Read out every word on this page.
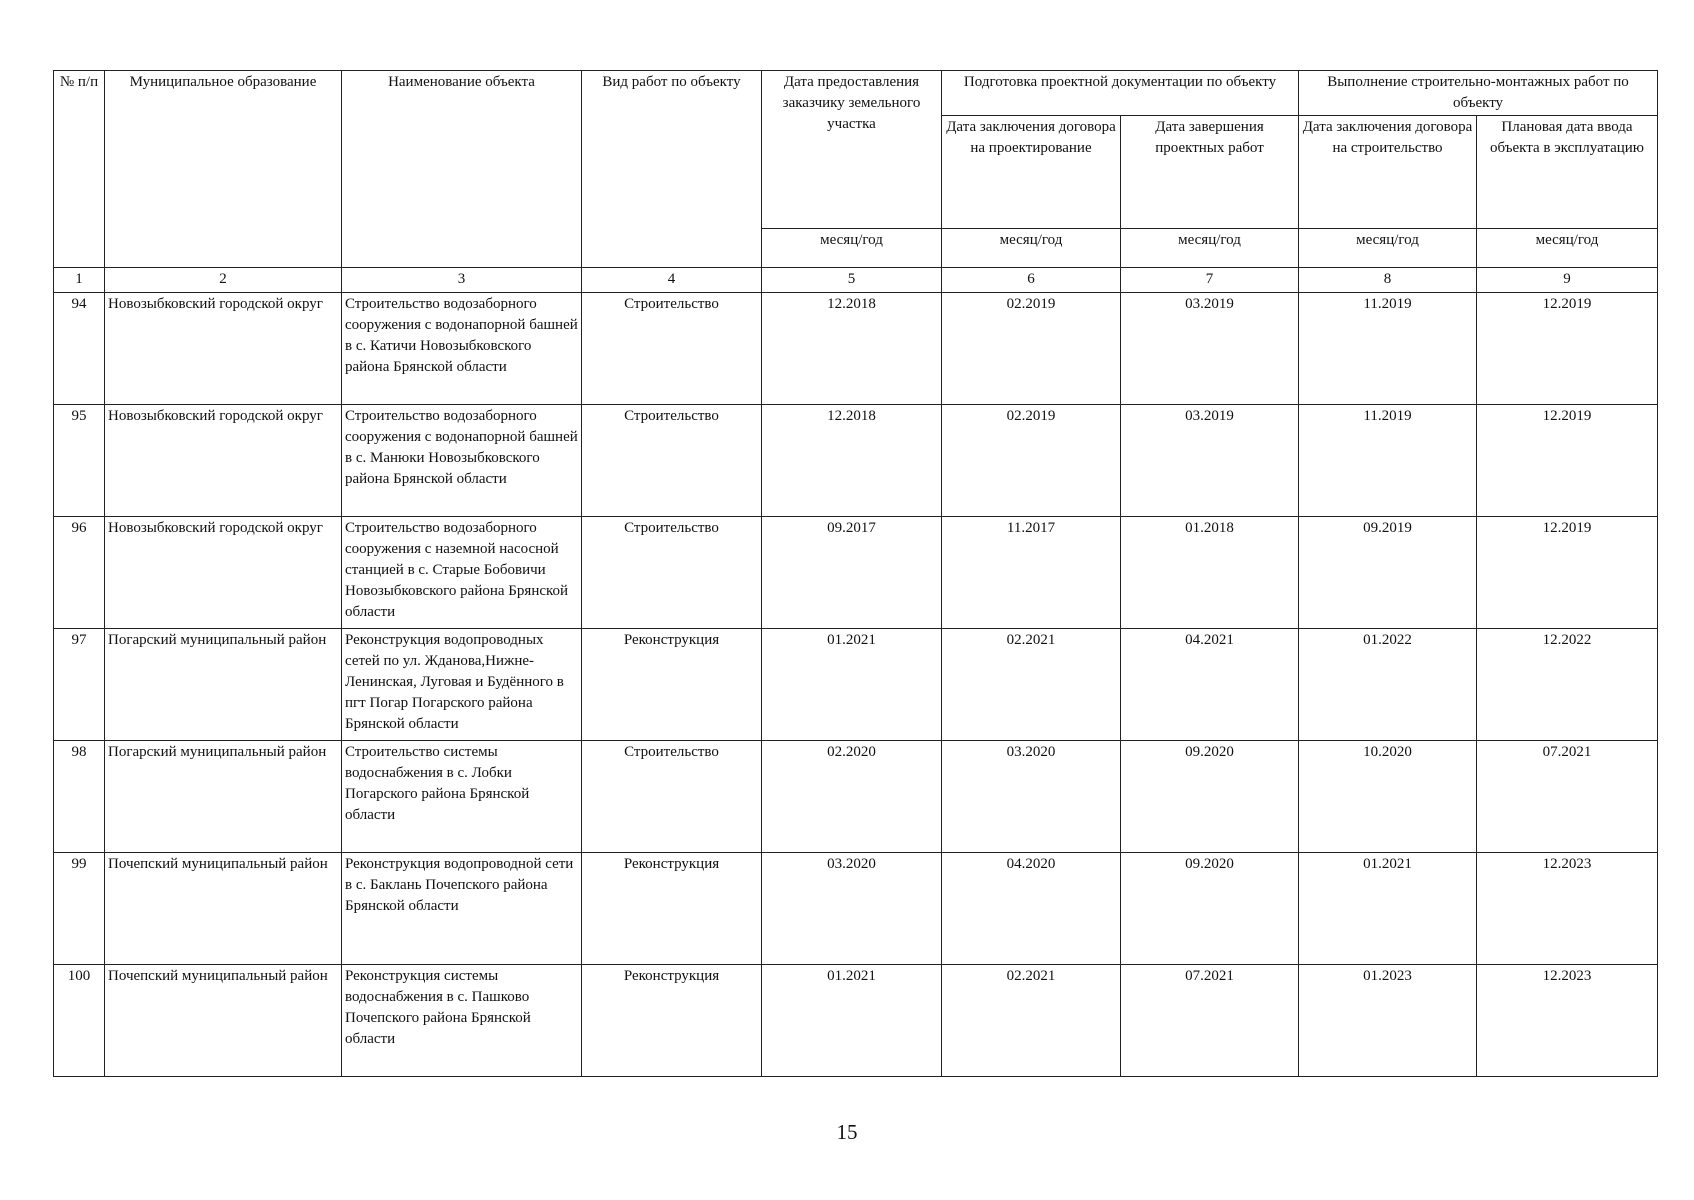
№ п/п	Муниципальное образование	Наименование объекта	Вид работ по объекту	Дата предоставления заказчику земельного участка	Подготовка проектной документации по объекту		Выполнение строительно-монтажных работ по объекту	
					Дата заключения договора на проектирование	Дата завершения проектных работ	Дата заключения договора на строительство	Плановая дата ввода объекта в эксплуатацию
				месяц/год	месяц/год	месяц/год	месяц/год	месяц/год
1	2	3	4	5	6	7	8	9
94	Новозыбковский городской округ	Строительство водозаборного сооружения с водонапорной башней в с. Катичи Новозыбковского района Брянской области	Строительство	12.2018	02.2019	03.2019	11.2019	12.2019
95	Новозыбковский городской округ	Строительство водозаборного сооружения с водонапорной башней в с. Манюки Новозыбковского района Брянской области	Строительство	12.2018	02.2019	03.2019	11.2019	12.2019
96	Новозыбковский городской округ	Строительство водозаборного сооружения с наземной насосной станцией в с. Старые Бобовичи Новозыбковского района Брянской области	Строительство	09.2017	11.2017	01.2018	09.2019	12.2019
97	Погарский муниципальный район	Реконструкция водопроводных сетей по ул. Жданова,Нижне-Ленинская, Луговая и Будённого в пгт Погар Погарского района Брянской области	Реконструкция	01.2021	02.2021	04.2021	01.2022	12.2022
98	Погарский муниципальный район	Строительство системы водоснабжения в с. Лобки Погарского района Брянской области	Строительство	02.2020	03.2020	09.2020	10.2020	07.2021
99	Почепский муниципальный район	Реконструкция водопроводной сети в с. Баклань Почепского района Брянской области	Реконструкция	03.2020	04.2020	09.2020	01.2021	12.2023
100	Почепский муниципальный район	Реконструкция системы водоснабжения в с. Пашково Почепского района Брянской области	Реконструкция	01.2021	02.2021	07.2021	01.2023	12.2023
15
